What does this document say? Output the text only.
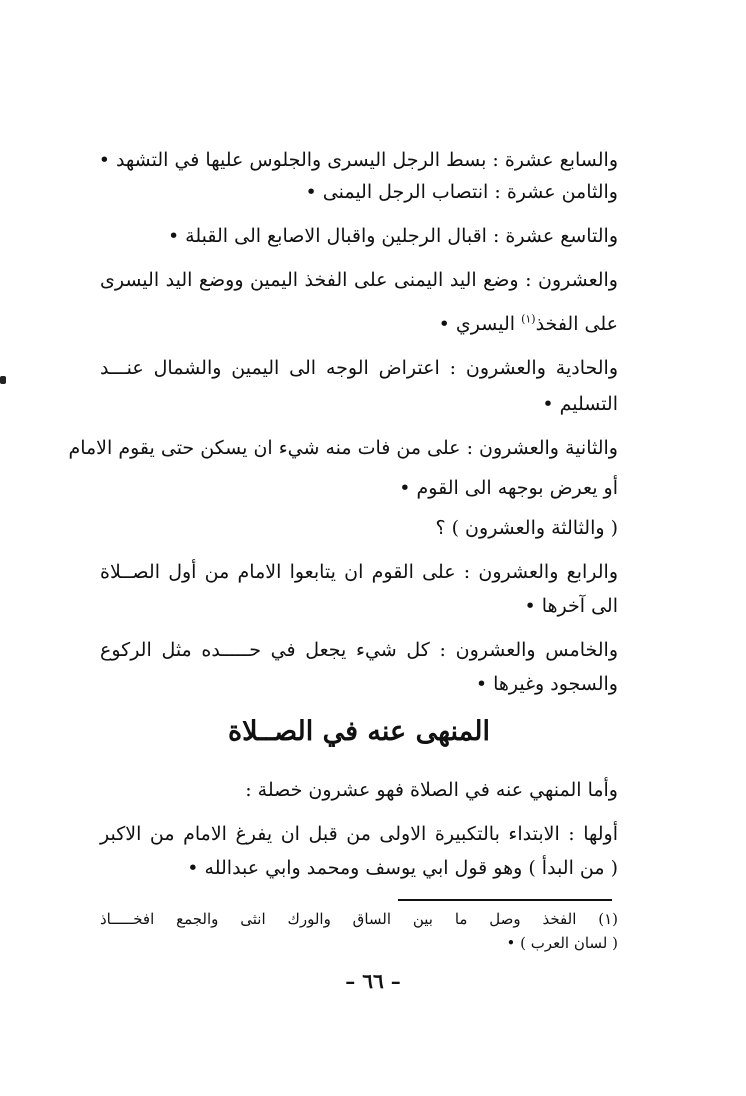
والسابع عشرة : بسط الرجل اليسرى والجلوس عليها في التشهد •
والثامن عشرة : انتصاب الرجل اليمنى •
والتاسع عشرة : اقبال الرجلين واقبال الاصابع الى القبلة •
والعشرون : وضع اليد اليمنى على الفخذ اليمين ووضع اليد اليسرى
على الفخذ$^{(١)}$ اليسري •
والحادية والعشرون : اعتراض الوجه الى اليمين والشمال عنـــد
التسليم •
والثانية والعشرون : على من فات منه شيء ان يسكن حتى يقوم الامام
أو يعرض بوجهه الى القوم •
( والثالثة والعشرون ) ؟
والرابع والعشرون : على القوم ان يتابعوا الامام من أول الصــلاة
الى آخرها •
والخامس والعشرون : كل شيء يجعل في حـــــده مثل الركوع
والسجود وغيرها •
المنهى عنه في الصــلاة
وأما المنهي عنه في الصلاة فهو عشرون خصلة :
أولها : الابتداء بالتكبيرة الاولى من قبل ان يفرغ الامام من الاكبر
( من البدأ ) وهو قول ابي يوسف ومحمد وابي عبدالله •
(١) الفخذ وصل ما بين الساق والورك انثى والجمع افخـــــاذ
( لسان العرب ) •
– ٦٦ –
